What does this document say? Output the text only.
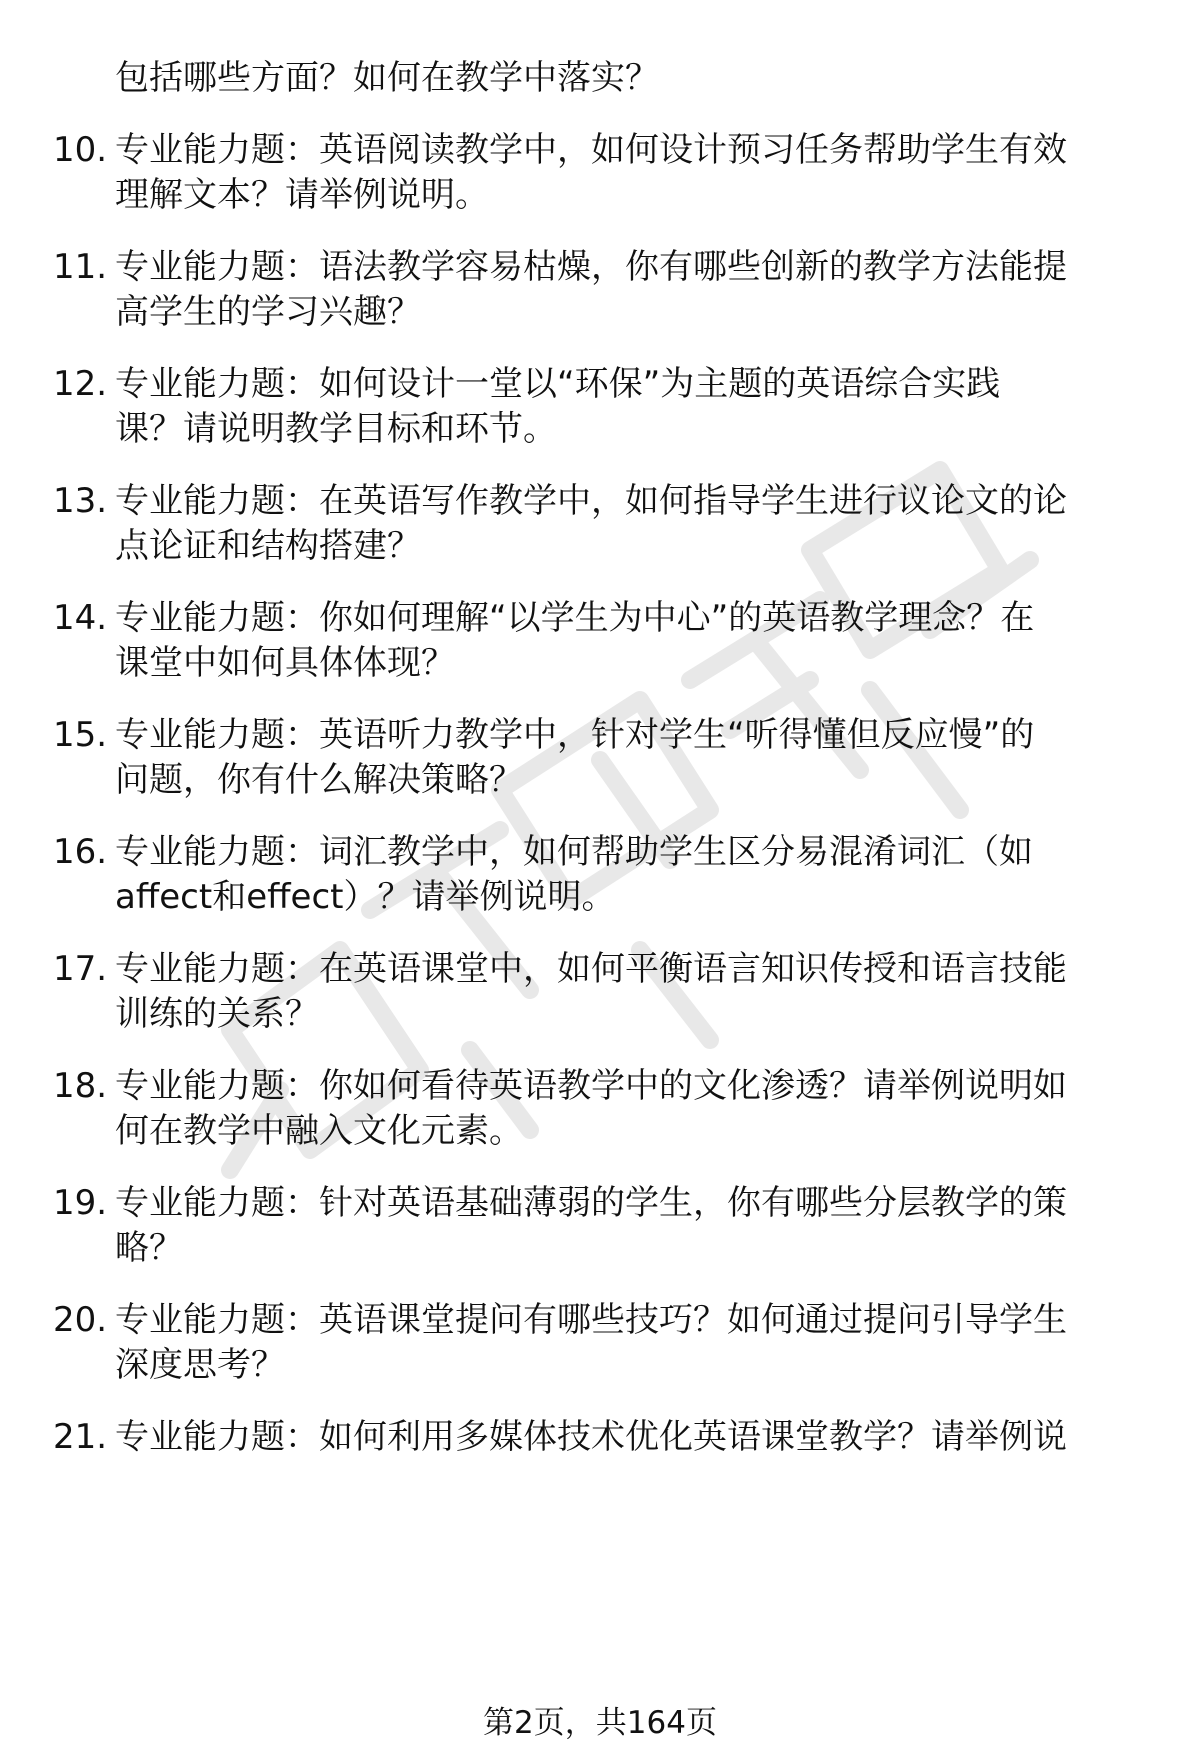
包括哪些方面？如何在教学中落实？
10. 专业能力题：英语阅读教学中，如何设计预习任务帮助学生有效
理解文本？请举例说明。
11. 专业能力题：语法教学容易枯燥，你有哪些创新的教学方法能提
高学生的学习兴趣？
12. 专业能力题：如何设计一堂以“环保”为主题的英语综合实践
课？请说明教学目标和环节。
13. 专业能力题：在英语写作教学中，如何指导学生进行议论文的论
点论证和结构搭建？
14. 专业能力题：你如何理解“以学生为中心”的英语教学理念？在
课堂中如何具体体现？
15. 专业能力题：英语听力教学中，针对学生“听得懂但反应慢”的
问题，你有什么解决策略？
16. 专业能力题：词汇教学中，如何帮助学生区分易混淆词汇（如
affect和effect）？请举例说明。
17. 专业能力题：在英语课堂中，如何平衡语言知识传授和语言技能
训练的关系？
18. 专业能力题：你如何看待英语教学中的文化渗透？请举例说明如
何在教学中融入文化元素。
19. 专业能力题：针对英语基础薄弱的学生，你有哪些分层教学的策
略？
20. 专业能力题：英语课堂提问有哪些技巧？如何通过提问引导学生
深度思考？
21. 专业能力题：如何利用多媒体技术优化英语课堂教学？请举例说
第2页，共164页
